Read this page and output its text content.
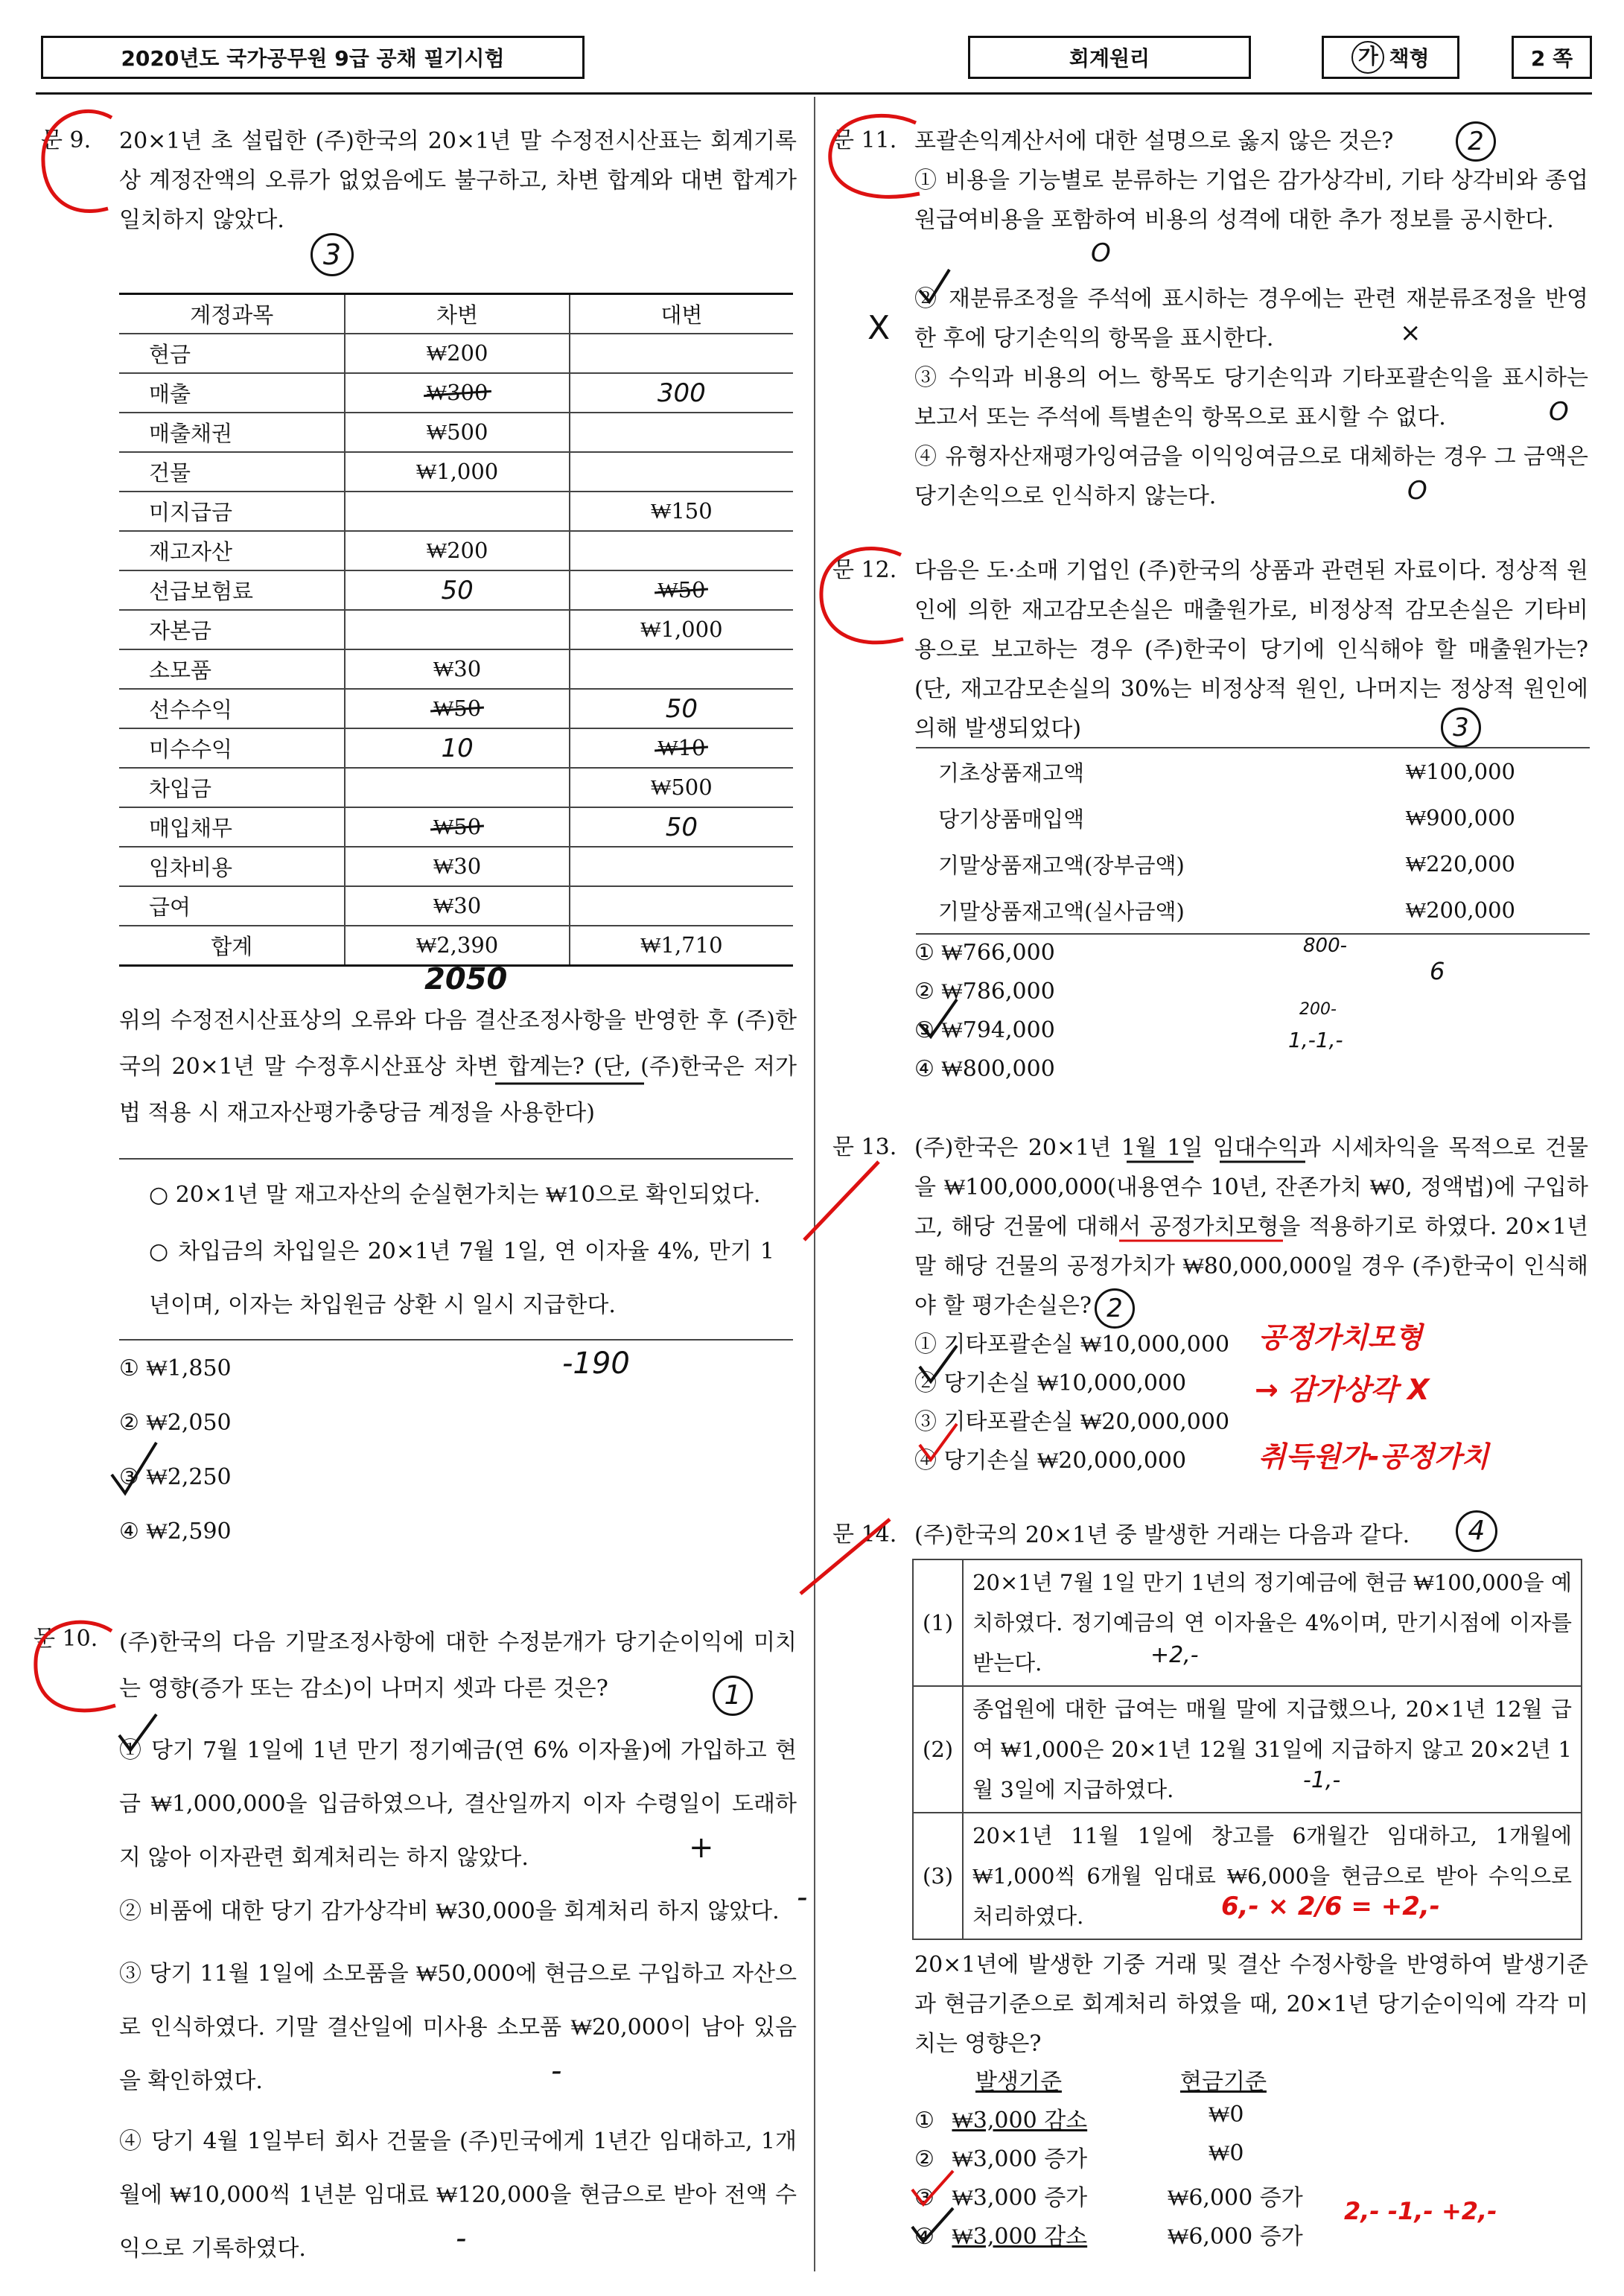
2020년도 국가공무원 9급 공채 필기시험	회계원리	가 책형	2 쪽
문 9. 20×1년 초 설립한 (주)한국의 20×1년 말 수정전시산표는 회계기록상 계정잔액의 오류가 없었음에도 불구하고, 차변 합계와 대변 합계가 일치하지 않았다.
계정과목	차변	대변
현금	₩200	
매출	₩300	300
매출채권	₩500	
건물	₩1,000	
미지급금		₩150
재고자산	₩200	
선급보험료	50	₩50
자본금		₩1,000
소모품	₩30	
선수수익	₩50	50
미수수익	10	₩10
차입금		₩500
매입채무	₩50	50
임차비용	₩30	
급여	₩30	
합계	₩2,390	₩1,710
2050
위의 수정전시산표상의 오류와 다음 결산조정사항을 반영한 후 (주)한국의 20×1년 말 수정후시산표상 차변 합계는? (단, (주)한국은 저가법 적용 시 재고자산평가충당금 계정을 사용한다)
○ 20×1년 말 재고자산의 순실현가치는 ₩10으로 확인되었다.
○ 차입금의 차입일은 20×1년 7월 1일, 연 이자율 4%, 만기 1년이며, 이자는 차입원금 상환 시 일시 지급한다.
① ₩1,850
② ₩2,050
③ ₩2,250
④ ₩2,590
-190
3
문 10. (주)한국의 다음 기말조정사항에 대한 수정분개가 당기순이익에 미치는 영향(증가 또는 감소)이 나머지 셋과 다른 것은?	1
① 당기 7월 1일에 1년 만기 정기예금(연 6% 이자율)에 가입하고 현금 ₩1,000,000을 입금하였으나, 결산일까지 이자 수령일이 도래하지 않아 이자관련 회계처리는 하지 않았다.	+
② 비품에 대한 당기 감가상각비 ₩30,000을 회계처리 하지 않았다. -
③ 당기 11월 1일에 소모품을 ₩50,000에 현금으로 구입하고 자산으로 인식하였다. 기말 결산일에 미사용 소모품 ₩20,000이 남아 있음을 확인하였다.	-
④ 당기 4월 1일부터 회사 건물을 (주)민국에게 1년간 임대하고, 1개월에 ₩10,000씩 1년분 임대료 ₩120,000을 현금으로 받아 전액 수익으로 기록하였다.	-
문 11. 포괄손익계산서에 대한 설명으로 옳지 않은 것은?	2
① 비용을 기능별로 분류하는 기업은 감가상각비, 기타 상각비와 종업원급여비용을 포함하여 비용의 성격에 대한 추가 정보를 공시한다.
② 재분류조정을 주석에 표시하는 경우에는 관련 재분류조정을 반영한 후에 당기손익의 항목을 표시한다.
X
③ 수익과 비용의 어느 항목도 당기손익과 기타포괄손익을 표시하는 보고서 또는 주석에 특별손익 항목으로 표시할 수 없다.
④ 유형자산재평가잉여금을 이익잉여금으로 대체하는 경우 그 금액은 당기손익으로 인식하지 않는다.
O
×
O
O
문 12. 다음은 도·소매 기업인 (주)한국의 상품과 관련된 자료이다. 정상적 원인에 의한 재고감모손실은 매출원가로, 비정상적 감모손실은 기타비용으로 보고하는 경우 (주)한국이 당기에 인식해야 할 매출원가는? (단, 재고감모손실의 30%는 비정상적 원인, 나머지는 정상적 원인에 의해 발생되었다)	3
기초상품재고액	₩100,000
당기상품매입액	₩900,000
기말상품재고액(장부금액)	₩220,000
기말상품재고액(실사금액)	₩200,000
① ₩766,000
② ₩786,000
③ ₩794,000
④ ₩800,000
800-
6
200-
1,-1,-
문 13. (주)한국은 20×1년 1월 1일 임대수익과 시세차익을 목적으로 건물을 ₩100,000,000(내용연수 10년, 잔존가치 ₩0, 정액법)에 구입하고, 해당 건물에 대해서 공정가치모형을 적용하기로 하였다. 20×1년 말 해당 건물의 공정가치가 ₩80,000,000일 경우 (주)한국이 인식해야 할 평가손실은? 2
① 기타포괄손실 ₩10,000,000
② 당기손실 ₩10,000,000
③ 기타포괄손실 ₩20,000,000
④ 당기손실 ₩20,000,000
공정가치모형
→ 감가상각 X
취득원가-공정가치
문 14. (주)한국의 20×1년 중 발생한 거래는 다음과 같다.	4
(1)	20×1년 7월 1일 만기 1년의 정기예금에 현금 ₩100,000을 예치하였다. 정기예금의 연 이자율은 4%이며, 만기시점에 이자를 받는다.
(2)	종업원에 대한 급여는 매월 말에 지급했으나, 20×1년 12월 급여 ₩1,000은 20×1년 12월 31일에 지급하지 않고 20×2년 1월 3일에 지급하였다.
(3)	20×1년 11월 1일에 창고를 6개월간 임대하고, 1개월에 ₩1,000씩 6개월 임대료 ₩6,000을 현금으로 받아 수익으로 처리하였다.
+2,-
-1,-
6,- × 2/6 = +2,-
20×1년에 발생한 기중 거래 및 결산 수정사항을 반영하여 발생기준과 현금기준으로 회계처리 하였을 때, 20×1년 당기순이익에 각각 미치는 영향은?
발생기준	현금기준
① ₩3,000 감소	₩0
② ₩3,000 증가	₩0
③ ₩3,000 증가	₩6,000 증가
④ ₩3,000 감소	₩6,000 증가
2,- -1,- +2,-
